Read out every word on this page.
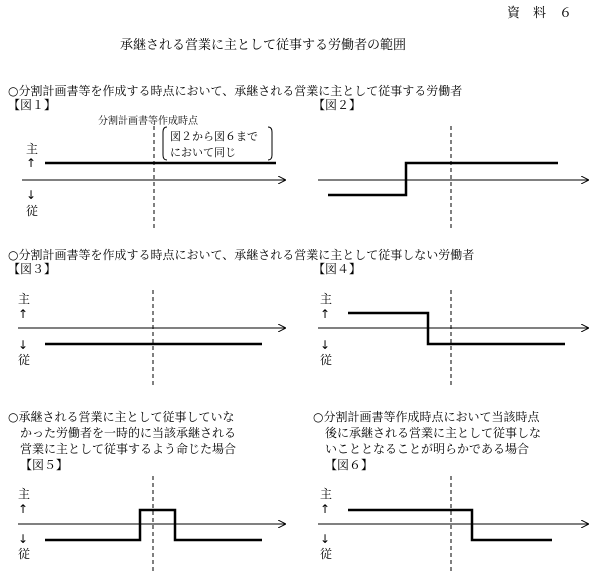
資　料　６
承継される営業に主として従事する労働者の範囲
○分割計画書等を作成する時点において、承継される営業に主として従事する労働者
【図１】	【図２】
分割計画書等作成時点
図２から図６まで
において同じ
主
↑
↓
従
○分割計画書等を作成する時点において、承継される営業に主として従事しない労働者
【図３】	【図４】
主
↑
↓
従
主
↑
↓
従
○承継される営業に主として従事していな
　かった労働者を一時的に当該承継される
　営業に主として従事するよう命じた場合
【図５】
○分割計画書等作成時点において当該時点
　後に承継される営業に主として従事しな
　いこととなることが明らかである場合
【図６】
主
↑
↓
従
主
↑
↓
従
